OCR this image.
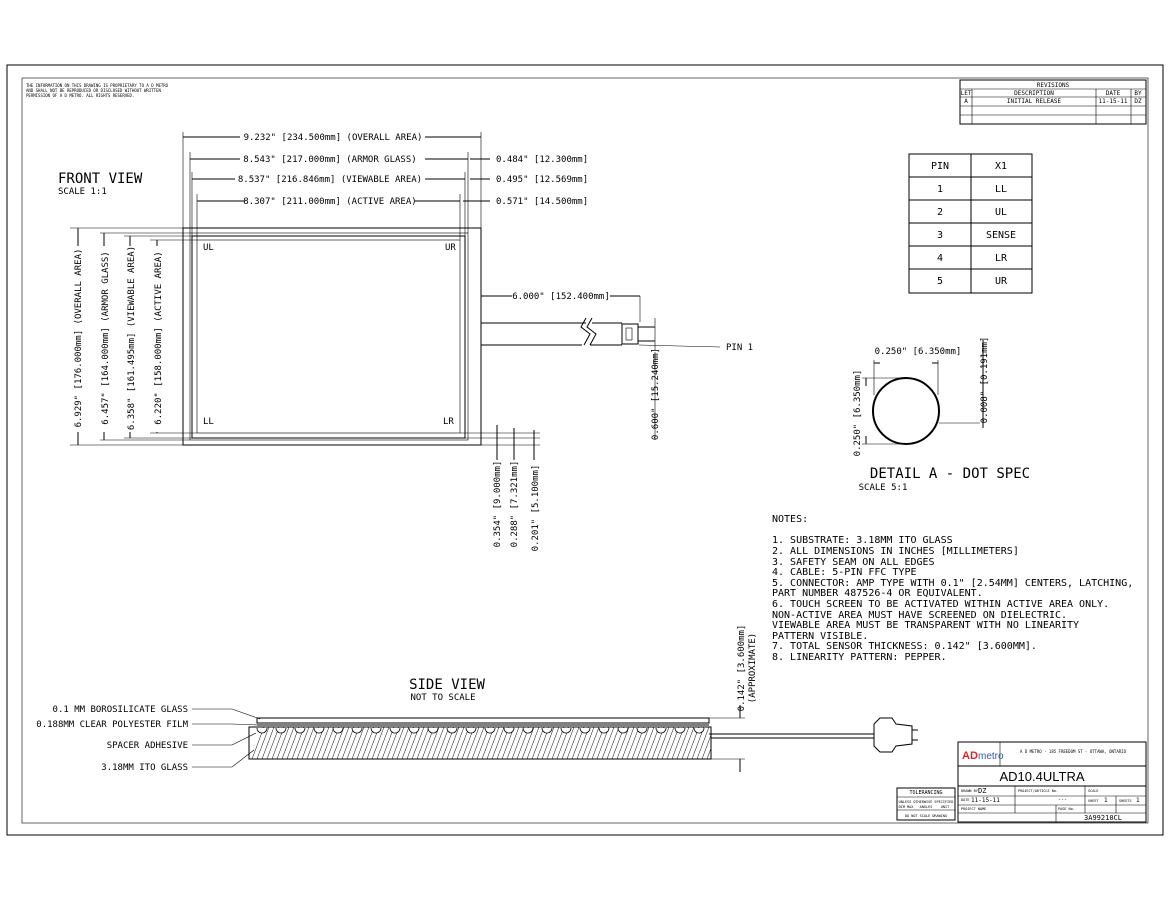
THE INFORMATION ON THIS DRAWING IS PROPRIETARY TO A D METRO
AND SHALL NOT BE REPRODUCED OR DISCLOSED WITHOUT WRITTEN
PERMISSION OF A D METRO. ALL RIGHTS RESERVED.
REVISIONS
LET	DESCRIPTION	DATE BY
A	INITIAL RELEASE	11-15-11 DZ
FRONT VIEW
SCALE 1:1
UL	UR
LL	LR
9.232" [234.500mm] (OVERALL AREA)
8.543" [217.000mm] (ARMOR GLASS)
8.537" [216.846mm] (VIEWABLE AREA)
8.307" [211.000mm] (ACTIVE AREA)
0.484" [12.300mm]
0.495" [12.569mm]
0.571" [14.500mm]
6.929" [176.000mm] (OVERALL AREA) 6.457" [164.000mm] (ARMOR GLASS) 6.358" [161.495mm] (VIEWABLE AREA) 6.220" [158.000mm] (ACTIVE AREA)
0.354" [9.000mm] 0.288" [7.321mm] 0.201" [5.100mm]
6.000" [152.400mm]
PIN 1
0.600" [15.240mm]
PIN	X1
1	LL
2	UL
3	SENSE
4	LR
5	UR
0.250" [6.350mm]
0.250" [6.350mm]	0.008" [0.191mm]
DETAIL A - DOT SPEC
SCALE 5:1
NOTES:
1. SUBSTRATE: 3.18MM ITO GLASS
2. ALL DIMENSIONS IN INCHES [MILLIMETERS]
3. SAFETY SEAM ON ALL EDGES
4. CABLE: 5-PIN FFC TYPE
5. CONNECTOR: AMP TYPE WITH 0.1" [2.54MM] CENTERS, LATCHING,
PART NUMBER 487526-4 OR EQUIVALENT.
6. TOUCH SCREEN TO BE ACTIVATED WITHIN ACTIVE AREA ONLY.
NON-ACTIVE AREA MUST HAVE SCREENED ON DIELECTRIC.
VIEWABLE AREA MUST BE TRANSPARENT WITH NO LINEARITY
PATTERN VISIBLE.
7. TOTAL SENSOR THICKNESS: 0.142" [3.600MM].
8. LINEARITY PATTERN: PEPPER.
SIDE VIEW
NOT TO SCALE	0.142" [3.600mm] (APPROXIMATE)
0.1 MM BOROSILICATE GLASS
0.188MM CLEAR POLYESTER FILM
SPACER ADHESIVE
3.18MM ITO GLASS
TOLERANCING
UNLESS OTHERWISE SPECIFIED
DIM MAX ANGLES UNIT
DO NOT SCALE DRAWING
AD metro	A D METRO - 185 FREEDOM ST - OTTAWA, ONTARIO
AD10.4ULTRA
DRAWN BY DZ
DATE 11-15-11
PROJECT/ARTICLE No.
---
PROJECT NAME
SCALE
SHEET 1	SHEETS 1
PAGE No.
3A99210CL
